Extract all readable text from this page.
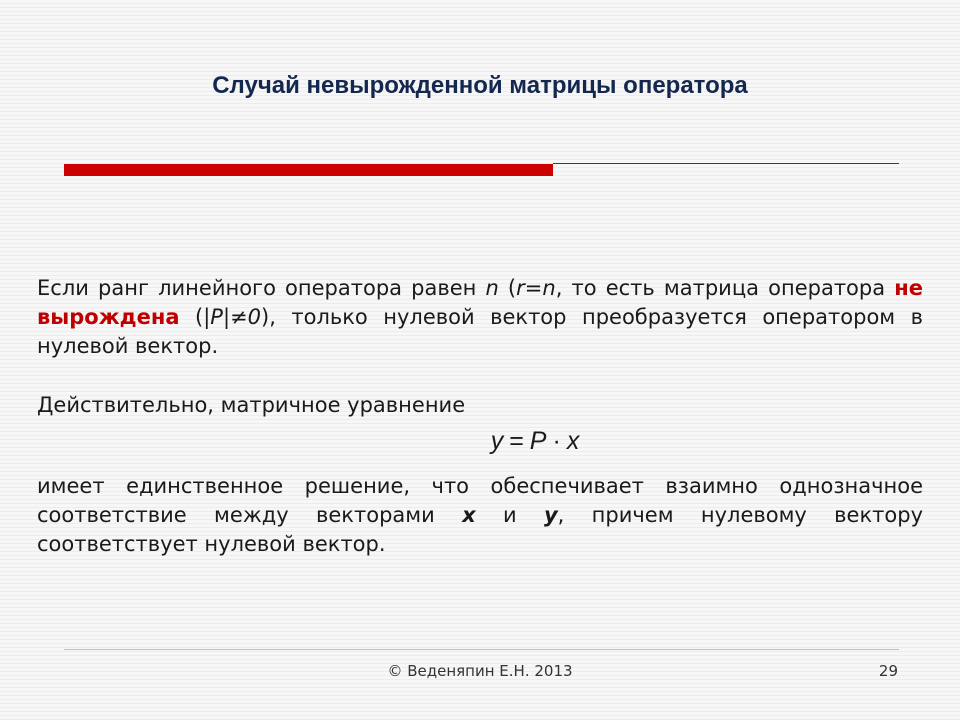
Случай невырожденной матрицы оператора

Если ранг линейного оператора равен n (r=n, то есть матрица оператора не вырождена (|P|≠0), только нулевой вектор преобразуется оператором в нулевой вектор.

Действительно, матричное уравнение

y = P · x

имеет единственное решение, что обеспечивает взаимно однозначное соответствие между векторами x и y, причем нулевому вектору соответствует нулевой вектор.

© Веденяпин Е.Н. 2013	29
